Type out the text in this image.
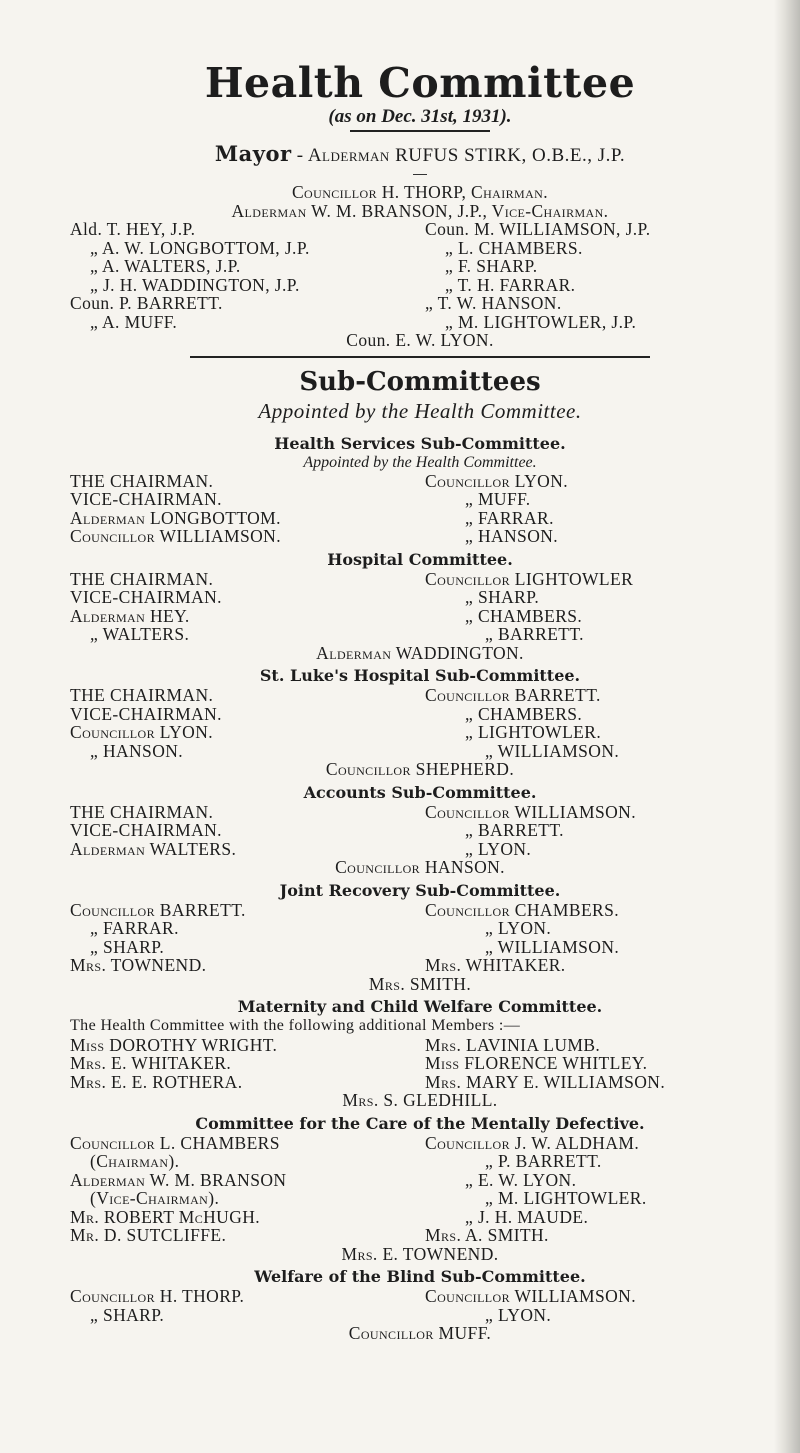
Health Committee
(as on Dec. 31st, 1931).
Mayor - Alderman RUFUS STIRK, O.B.E., J.P.
Councillor H. THORP, Chairman.
Alderman W. M. BRANSON, J.P., Vice-Chairman.
Ald. T. HEY, J.P.	Coun. M. WILLIAMSON, J.P.
„ A. W. LONGBOTTOM, J.P.	„ L. CHAMBERS.
„ A. WALTERS, J.P.	„ F. SHARP.
„ J. H. WADDINGTON, J.P.	„ T. H. FARRAR.
Coun. P. BARRETT.	„ T. W. HANSON.
„ A. MUFF.	„ M. LIGHTOWLER, J.P.
Coun. E. W. LYON.
Sub-Committees
Appointed by the Health Committee.
Health Services Sub-Committee.
Appointed by the Health Committee.
THE CHAIRMAN.	Councillor LYON.
VICE-CHAIRMAN.	„ MUFF.
Alderman LONGBOTTOM.	„ FARRAR.
Councillor WILLIAMSON.	„ HANSON.
Hospital Committee.
THE CHAIRMAN.	Councillor LIGHTOWLER
VICE-CHAIRMAN.	„ SHARP.
Alderman HEY.	„ CHAMBERS.
„ WALTERS.	„ BARRETT.
Alderman WADDINGTON.
St. Luke's Hospital Sub-Committee.
THE CHAIRMAN.	Councillor BARRETT.
VICE-CHAIRMAN.	„ CHAMBERS.
Councillor LYON.	„ LIGHTOWLER.
„ HANSON.	„ WILLIAMSON.
Councillor SHEPHERD.
Accounts Sub-Committee.
THE CHAIRMAN.	Councillor WILLIAMSON.
VICE-CHAIRMAN.	„ BARRETT.
Alderman WALTERS.	„ LYON.
Councillor HANSON.
Joint Recovery Sub-Committee.
Councillor BARRETT.	Councillor CHAMBERS.
„ FARRAR.	„ LYON.
„ SHARP.	„ WILLIAMSON.
Mrs. TOWNEND.	Mrs. WHITAKER.
Mrs. SMITH.
Maternity and Child Welfare Committee.
The Health Committee with the following additional Members :—
Miss DOROTHY WRIGHT.	Mrs. LAVINIA LUMB.
Mrs. E. WHITAKER.	Miss FLORENCE WHITLEY.
Mrs. E. E. ROTHERA.	Mrs. MARY E. WILLIAMSON.
Mrs. S. GLEDHILL.
Committee for the Care of the Mentally Defective.
Councillor L. CHAMBERS	Councillor J. W. ALDHAM.
(Chairman).	„ P. BARRETT.
Alderman W. M. BRANSON	„ E. W. LYON.
(Vice-Chairman).	„ M. LIGHTOWLER.
Mr. ROBERT McHUGH.	„ J. H. MAUDE.
Mr. D. SUTCLIFFE.	Mrs. A. SMITH.
Mrs. E. TOWNEND.
Welfare of the Blind Sub-Committee.
Councillor H. THORP.	Councillor WILLIAMSON.
„ SHARP.	„ LYON.
Councillor MUFF.
